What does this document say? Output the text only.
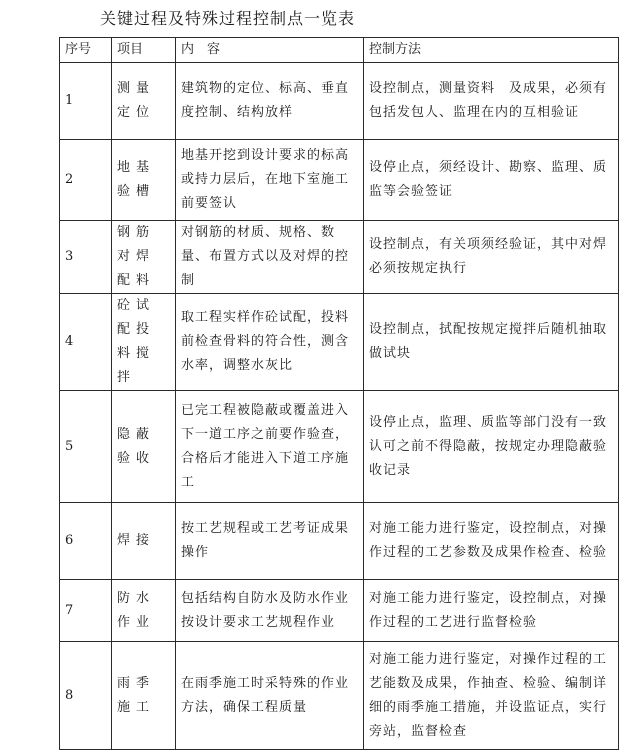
关键过程及特殊过程控制点一览表
序号	项目	内　容	控制方法
1	测量定位	建筑物的定位、标高、垂直度控制、结构放样	设控制点，测量资料　及成果，必须有包括发包人、监理在内的互相验证
2	地基验槽	地基开挖到设计要求的标高或持力层后，在地下室施工前要签认	设停止点，须经设计、勘察、监理、质监等会验签证
3	钢筋对焊配料	对钢筋的材质、规格、数量、布置方式以及对焊的控制	设控制点，有关项须经验证，其中对焊必须按规定执行
4	砼试配投料搅拌	取工程实样作砼试配，投料前检查骨料的符合性，测含水率，调整水灰比	设控制点，拭配按规定搅拌后随机抽取做试块
5	隐蔽验收	已完工程被隐蔽或覆盖进入下一道工序之前要作验查，合格后才能进入下道工序施工	设停止点，监理、质监等部门没有一致认可之前不得隐蔽，按规定办理隐蔽验收记录
6	焊接	按工艺规程或工艺考证成果操作	对施工能力进行鉴定，设控制点，对操作过程的工艺参数及成果作检查、检验
7	防水作业	包括结构自防水及防水作业按设计要求工艺规程作业	对施工能力进行鉴定，设控制点，对操作过程的工艺进行监督检验
8	雨季施工	在雨季施工时采特殊的作业方法，确保工程质量	对施工能力进行鉴定，对操作过程的工艺能数及成果，作抽查、检验、编制详细的雨季施工措施，并设监证点，实行旁站，监督检查
